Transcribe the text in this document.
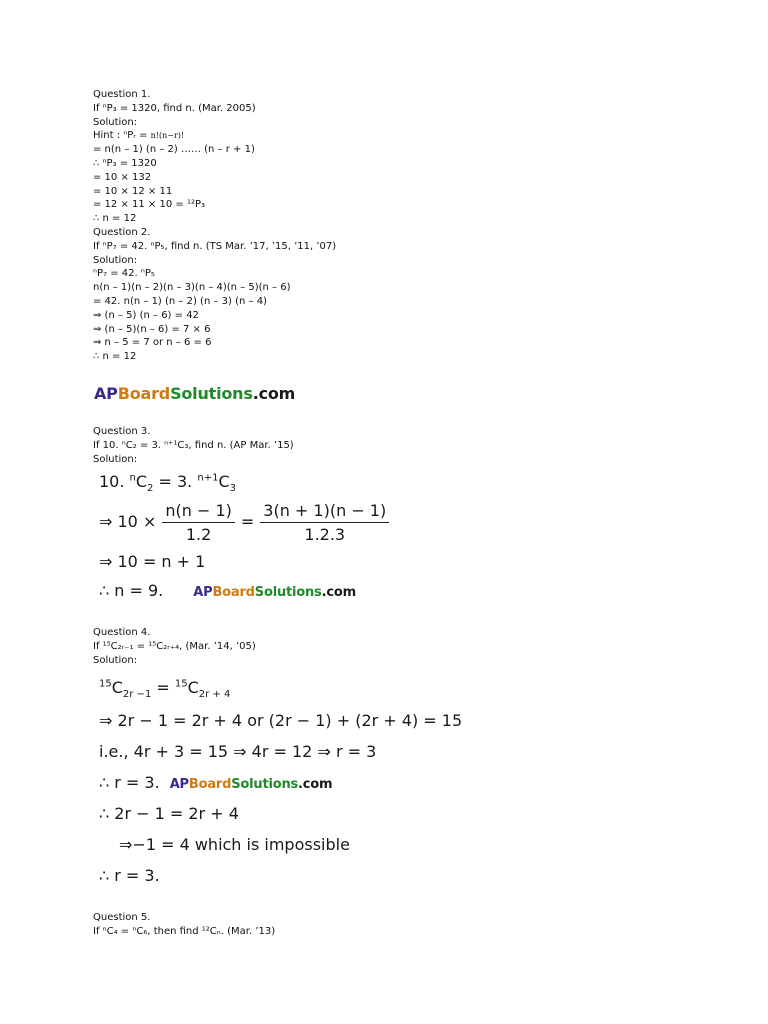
Question 1.
If ⁿP₃ = 1320, find n. (Mar. 2005)
Solution:
Hint : ⁿPᵣ = n!(n−r)!
= n(n – 1) (n – 2) …… (n – r + 1)
∴ ⁿP₃ = 1320
= 10 × 132
= 10 × 12 × 11
= 12 × 11 × 10 = ¹²P₃
∴ n = 12
Question 2.
If ⁿP₇ = 42. ⁿP₅, find n. (TS Mar. ’17, ’15, ’11, ’07)
Solution:
ⁿP₇ = 42. ⁿP₅
n(n – 1)(n – 2)(n – 3)(n – 4)(n – 5)(n – 6)
= 42. n(n – 1) (n – 2) (n – 3) (n – 4)
⇒ (n – 5) (n – 6) = 42
⇒ (n – 5)(n – 6) = 7 × 6
⇒ n – 5 = 7 or n – 6 = 6
∴ n = 12
APBoardSolutions.com
Question 3.
If 10. ⁿC₂ = 3. ⁿ⁺¹C₃, find n. (AP Mar. ’15)
Solution:
10. $^nC_2 = 3$. $^{n+1}C_3$
⇒ $10 \times \frac{n(n - 1)}{1.2} = \frac{3(n + 1)(n - 1)}{1.2.3}$
⇒ 10 = n + 1
∴ n = 9. APBoardSolutions.com
Question 4.
If ¹⁵C₂ᵣ₋₁ = ¹⁵C₂ᵣ₊₄, (Mar. ’14, ’05)
Solution:
$^{15}C_{2r -1} = ^{15}C_{2r + 4}$
⇒ 2r − 1 = 2r + 4 or (2r − 1) + (2r + 4) = 15
i.e., 4r + 3 = 15 ⇒ 4r = 12 ⇒ r = 3
∴ r = 3. APBoardSolutions.com
∴ 2r − 1 = 2r + 4
⇒−1 = 4 which is impossible
∴ r = 3.
Question 5.
If ⁿC₄ = ⁿC₆, then find ¹²Cₙ. (Mar. ’13)
